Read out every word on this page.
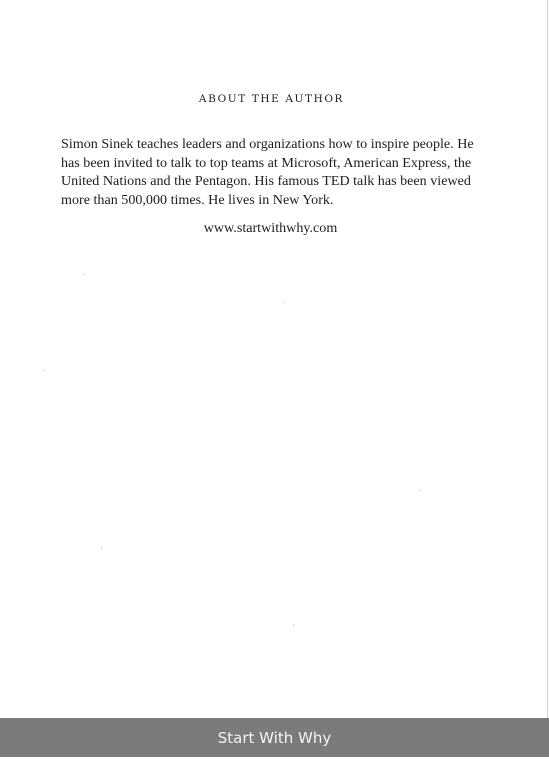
ABOUT THE AUTHOR

Simon Sinek teaches leaders and organizations how to inspire people. He has been invited to talk to top teams at Microsoft, American Express, the United Nations and the Pentagon. His famous TED talk has been viewed more than 500,000 times. He lives in New York.

www.startwithwhy.com
Start With Why
